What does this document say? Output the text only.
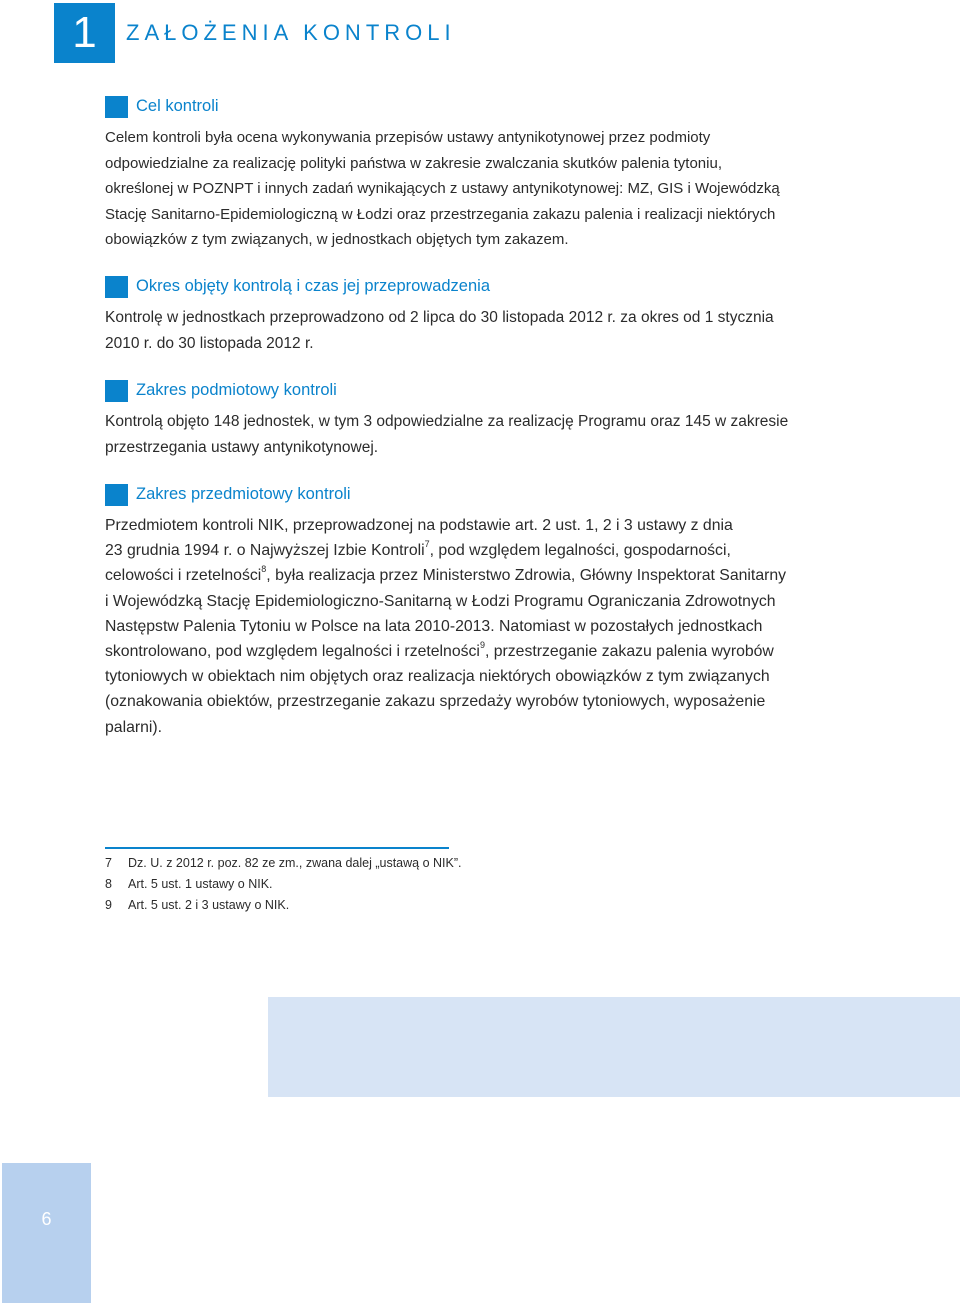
1	ZAŁOŻENIA KONTROLI
Cel kontroli
Celem kontroli była ocena wykonywania przepisów ustawy antynikotynowej przez podmioty
odpowiedzialne za realizację polityki państwa w zakresie zwalczania skutków palenia tytoniu,
określonej w POZNPT i innych zadań wynikających z ustawy antynikotynowej: MZ, GIS i Wojewódzką
Stację Sanitarno-Epidemiologiczną w Łodzi oraz przestrzegania zakazu palenia i realizacji niektórych
obowiązków z tym związanych, w jednostkach objętych tym zakazem.
Okres objęty kontrolą i czas jej przeprowadzenia
Kontrolę w jednostkach przeprowadzono od 2 lipca do 30 listopada 2012 r. za okres od 1 stycznia
2010 r. do 30 listopada 2012 r.
Zakres podmiotowy kontroli
Kontrolą objęto 148 jednostek, w tym 3 odpowiedzialne za realizację Programu oraz 145 w zakresie
przestrzegania ustawy antynikotynowej.
Zakres przedmiotowy kontroli
Przedmiotem kontroli NIK, przeprowadzonej na podstawie art. 2 ust. 1, 2 i 3 ustawy z dnia
23 grudnia 1994 r. o Najwyższej Izbie Kontroli$^7$, pod względem legalności, gospodarności,
celowości i rzetelności$^8$, była realizacja przez Ministerstwo Zdrowia, Główny Inspektorat Sanitarny
i Wojewódzką Stację Epidemiologiczno-Sanitarną w Łodzi Programu Ograniczania Zdrowotnych
Następstw Palenia Tytoniu w Polsce na lata 2010-2013. Natomiast w pozostałych jednostkach
skontrolowano, pod względem legalności i rzetelności$^9$, przestrzeganie zakazu palenia wyrobów
tytoniowych w obiektach nim objętych oraz realizacja niektórych obowiązków z tym związanych
(oznakowania obiektów, przestrzeganie zakazu sprzedaży wyrobów tytoniowych, wyposażenie
palarni).
7 Dz. U. z 2012 r. poz. 82 ze zm., zwana dalej „ustawą o NIK”.
8 Art. 5 ust. 1 ustawy o NIK.
9 Art. 5 ust. 2 i 3 ustawy o NIK.
6
